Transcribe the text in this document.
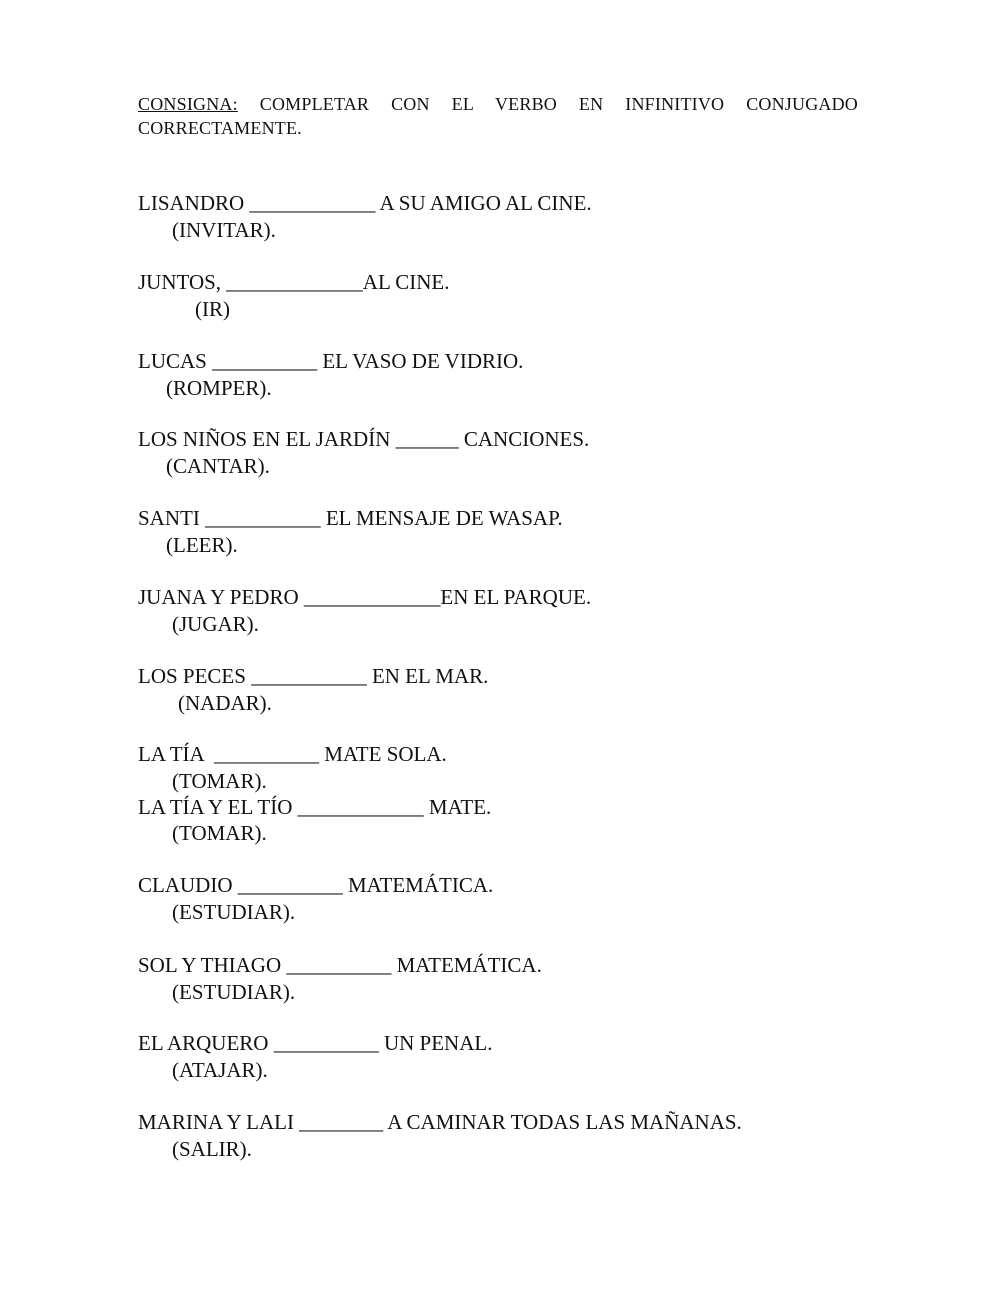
CONSIGNA: COMPLETAR CON EL VERBO EN INFINITIVO CONJUGADO CORRECTAMENTE.
LISANDRO ____________ A SU AMIGO AL CINE.
(INVITAR).
JUNTOS, _____________AL CINE.
(IR)
LUCAS __________ EL VASO DE VIDRIO.
(ROMPER).
LOS NIÑOS EN EL JARDÍN ______ CANCIONES.
(CANTAR).
SANTI ___________ EL MENSAJE DE WASAP.
(LEER).
JUANA Y PEDRO _____________EN EL PARQUE.
(JUGAR).
LOS PECES ___________ EN EL MAR.
(NADAR).
LA TÍA  __________ MATE SOLA.
(TOMAR).
LA TÍA Y EL TÍO ____________ MATE.
(TOMAR).
CLAUDIO __________ MATEMÁTICA.
(ESTUDIAR).
SOL Y THIAGO __________ MATEMÁTICA.
(ESTUDIAR).
EL ARQUERO __________ UN PENAL.
(ATAJAR).
MARINA Y LALI ________ A CAMINAR TODAS LAS MAÑANAS.
(SALIR).
